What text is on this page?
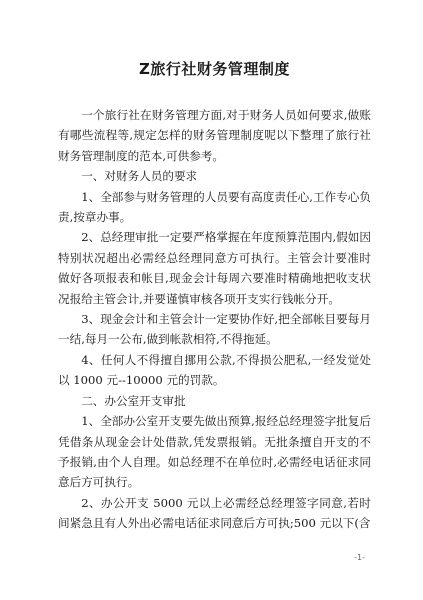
Z旅行社财务管理制度

一个旅行社在财务管理方面,对于财务人员如何要求,做账有哪些流程等,规定怎样的财务管理制度呢以下整理了旅行社财务管理制度的范本,可供参考。

一、对财务人员的要求

1、全部参与财务管理的人员要有高度责任心,工作专心负责,按章办事。

2、总经理审批一定要严格掌握在年度预算范围内,假如因特别状况超出必需经总经理同意方可执行。主管会计要准时做好各项报表和帐目,现金会计每周六要准时精确地把收支状况报给主管会计,并要谨慎审核各项开支实行钱帐分开。

3、现金会计和主管会计一定要协作好,把全部帐目要每月一结,每月一公布,做到帐款相符,不得拖延。

4、任何人不得擅自挪用公款,不得损公肥私,一经发觉处以 1000 元--10000 元的罚款。

二、办公室开支审批

1、全部办公室开支要先做出预算,报经总经理签字批复后凭借条从现金会计处借款,凭发票报销。无批条擅自开支的不予报销,由个人自理。如总经理不在单位时,必需经电话征求同意后方可执行。

2、办公开支 5000 元以上必需经总经理签字同意,若时间紧急且有人外出必需电话征求同意后方可执;500 元以下(含

-1-
